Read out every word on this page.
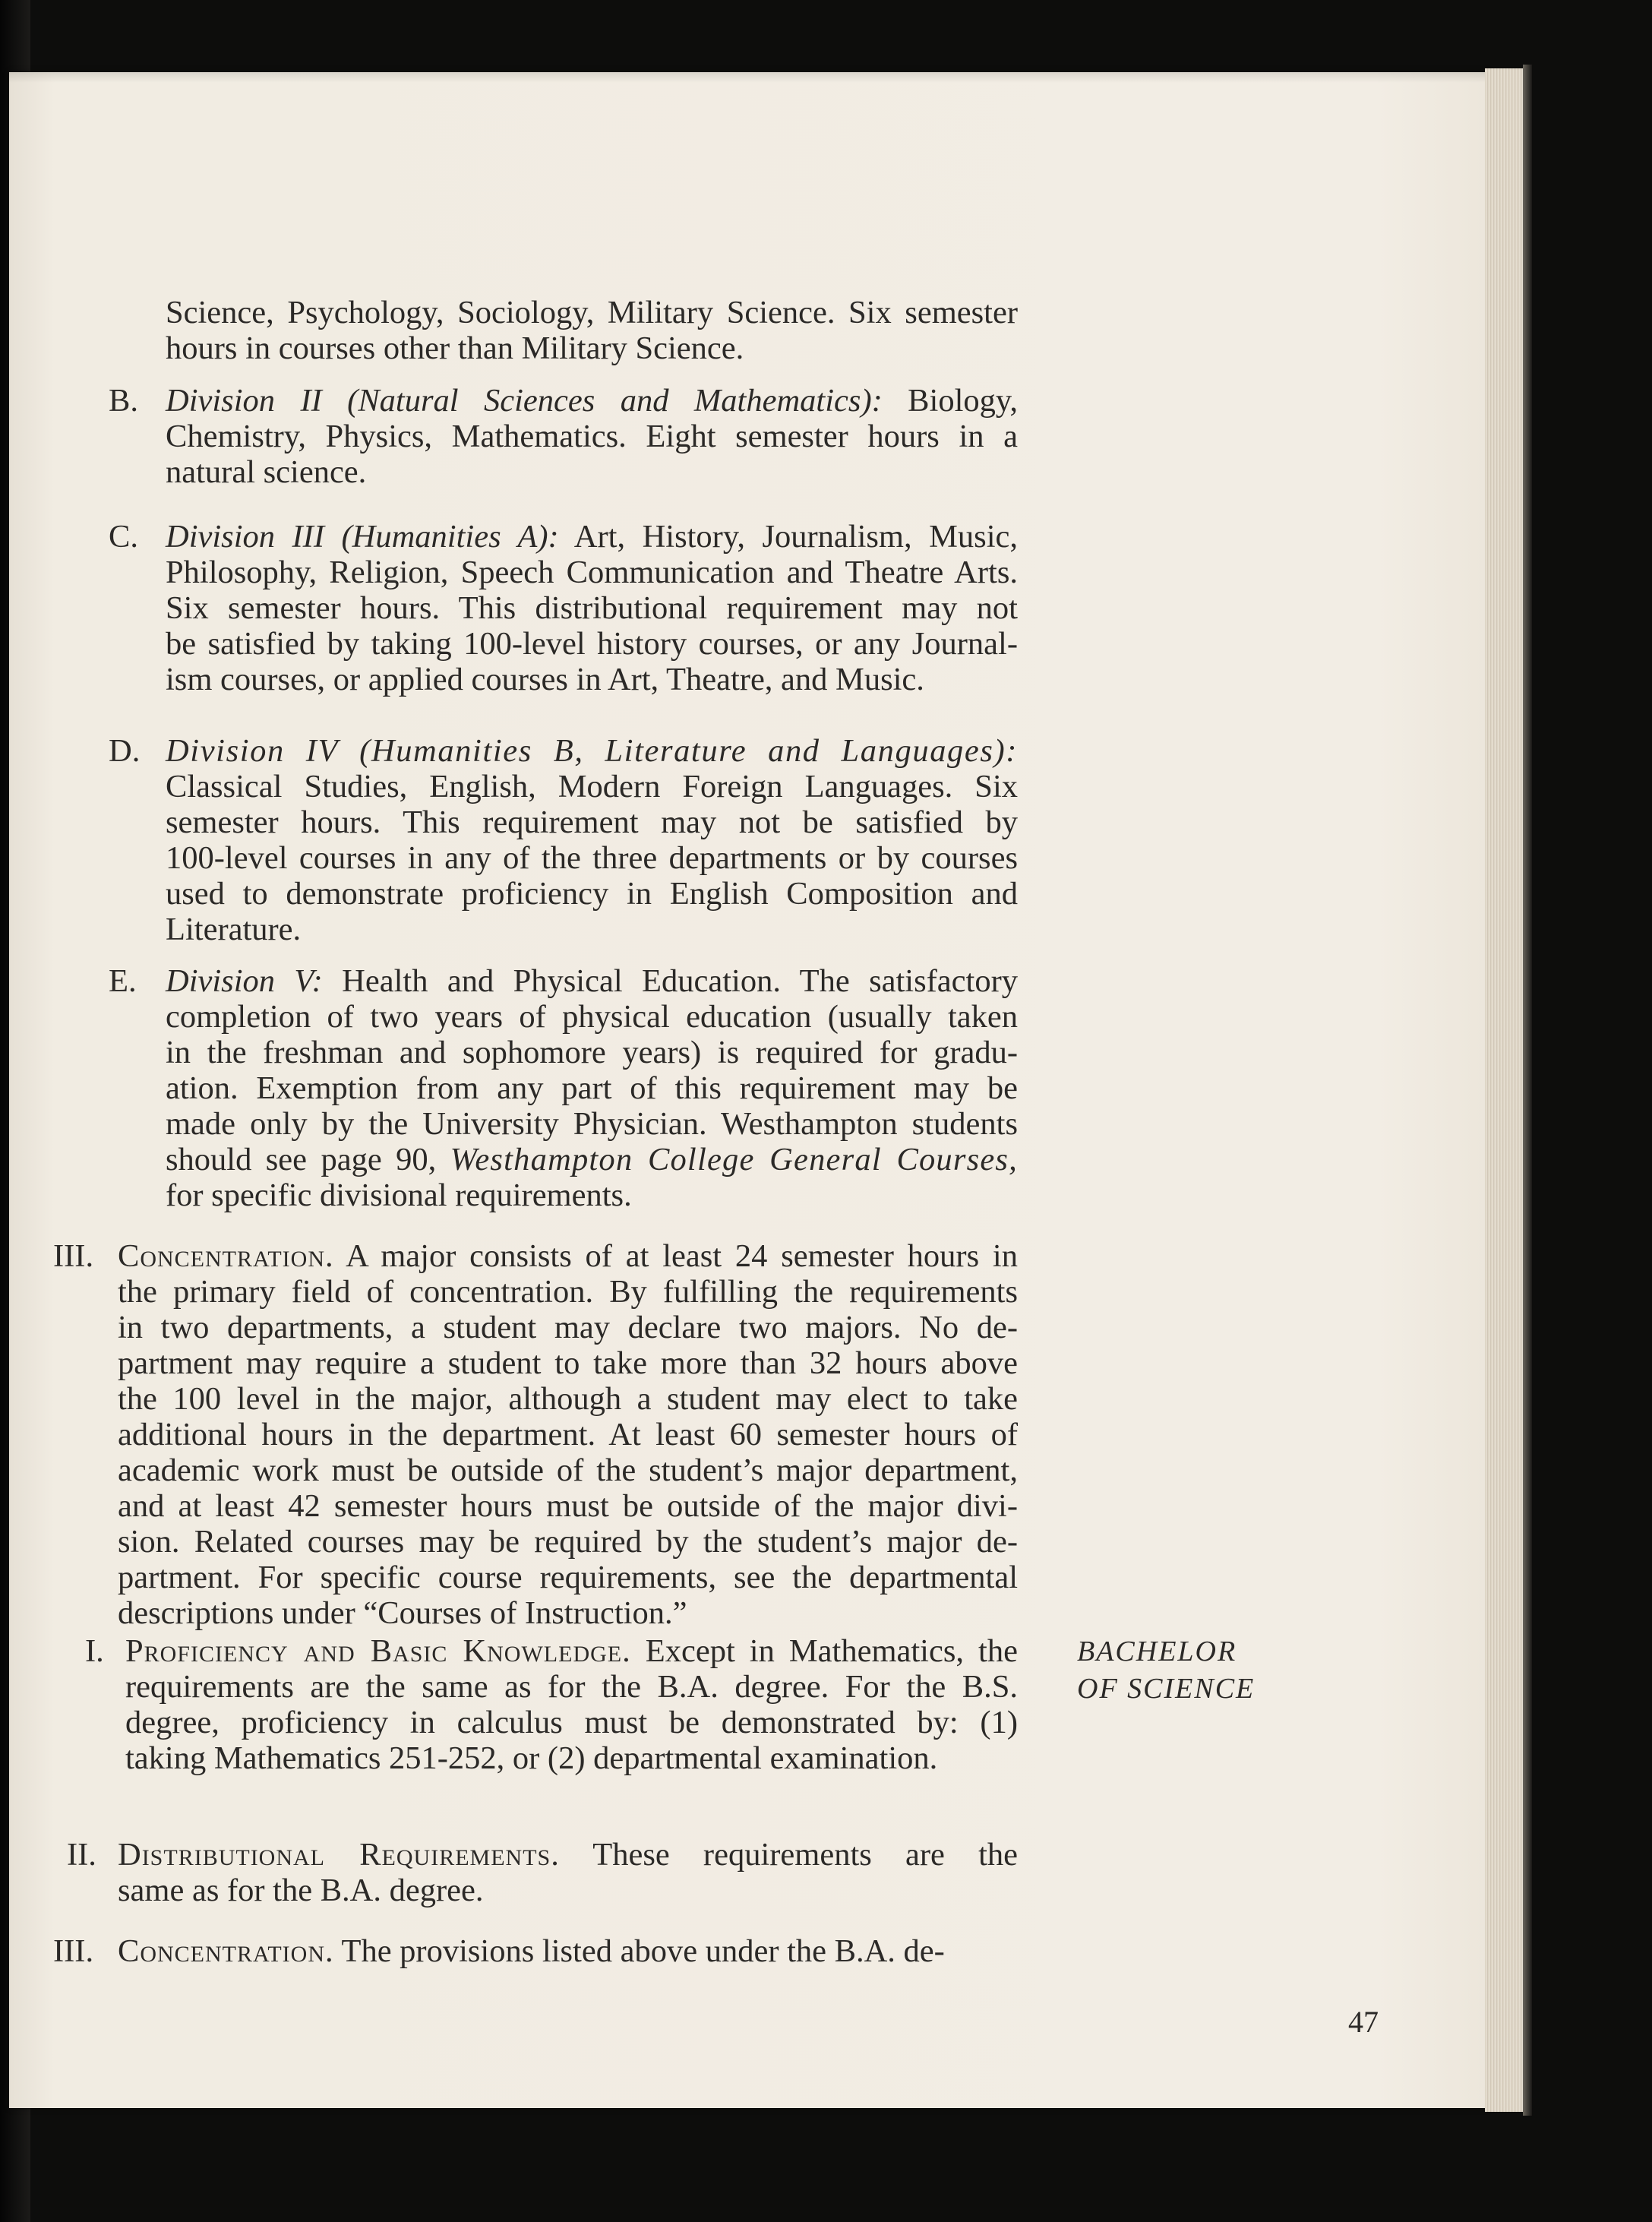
Science, Psychology, Sociology, Military Science. Six semester
hours in courses other than Military Science.
B. Division II (Natural Sciences and Mathematics): Biology,
Chemistry, Physics, Mathematics. Eight semester hours in a
natural science.
C. Division III (Humanities A): Art, History, Journalism, Music,
Philosophy, Religion, Speech Communication and Theatre Arts.
Six semester hours. This distributional requirement may not
be satisfied by taking 100-level history courses, or any Journal-
ism courses, or applied courses in Art, Theatre, and Music.
D. Division IV (Humanities B, Literature and Languages):
Classical Studies, English, Modern Foreign Languages. Six
semester hours. This requirement may not be satisfied by
100-level courses in any of the three departments or by courses
used to demonstrate proficiency in English Composition and
Literature.
E. Division V: Health and Physical Education. The satisfactory
completion of two years of physical education (usually taken
in the freshman and sophomore years) is required for gradu-
ation. Exemption from any part of this requirement may be
made only by the University Physician. Westhampton students
should see page 90, Westhampton College General Courses,
for specific divisional requirements.
III. Concentration. A major consists of at least 24 semester hours in
the primary field of concentration. By fulfilling the requirements
in two departments, a student may declare two majors. No de-
partment may require a student to take more than 32 hours above
the 100 level in the major, although a student may elect to take
additional hours in the department. At least 60 semester hours of
academic work must be outside of the student’s major department,
and at least 42 semester hours must be outside of the major divi-
sion. Related courses may be required by the student’s major de-
partment. For specific course requirements, see the departmental
descriptions under “Courses of Instruction.”
I. Proficiency and Basic Knowledge. Except in Mathematics, the
requirements are the same as for the B.A. degree. For the B.S.
degree, proficiency in calculus must be demonstrated by: (1)
taking Mathematics 251-252, or (2) departmental examination.
II. Distributional Requirements. These requirements are the
same as for the B.A. degree.
III. Concentration. The provisions listed above under the B.A. de-
BACHELOR
OF SCIENCE
47
